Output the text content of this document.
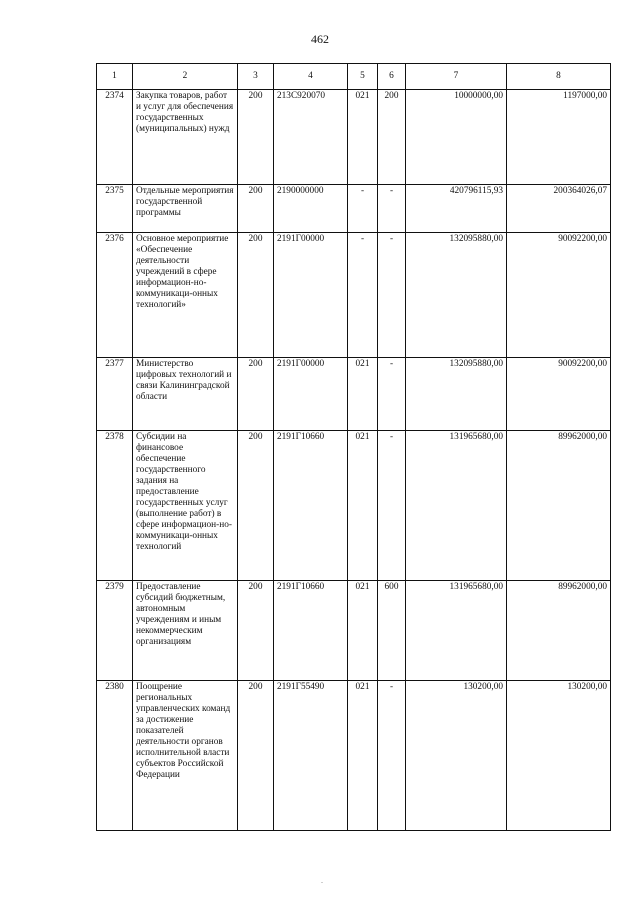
462
1	2	3	4	5	6	7	8
2374	Закупка товаров, работ и услуг для обеспечения государственных (муниципальных) нужд	200	213С920070	021	200	10000000,00	1197000,00
2375	Отдельные мероприятия государственной программы	200	2190000000	-	-	420796115,93	200364026,07
2376	Основное мероприятие «Обеспечение деятельности учреждений в сфере информацион-но-коммуникаци-онных технологий»	200	2191Г00000	-	-	132095880,00	90092200,00
2377	Министерство цифровых технологий и связи Калининградской области	200	2191Г00000	021	-	132095880,00	90092200,00
2378	Субсидии на финансовое обеспечение государственного задания на предоставление государственных услуг (выполнение работ) в сфере информацион-но-коммуникаци-онных технологий	200	2191Г10660	021	-	131965680,00	89962000,00
2379	Предоставление субсидий бюджетным, автономным учреждениям и иным некоммерческим организациям	200	2191Г10660	021	600	131965680,00	89962000,00
2380	Поощрение региональных управленческих команд за достижение показателей деятельности органов исполнительной власти субъектов Российской Федерации	200	2191Г55490	021	-	130200,00	130200,00
